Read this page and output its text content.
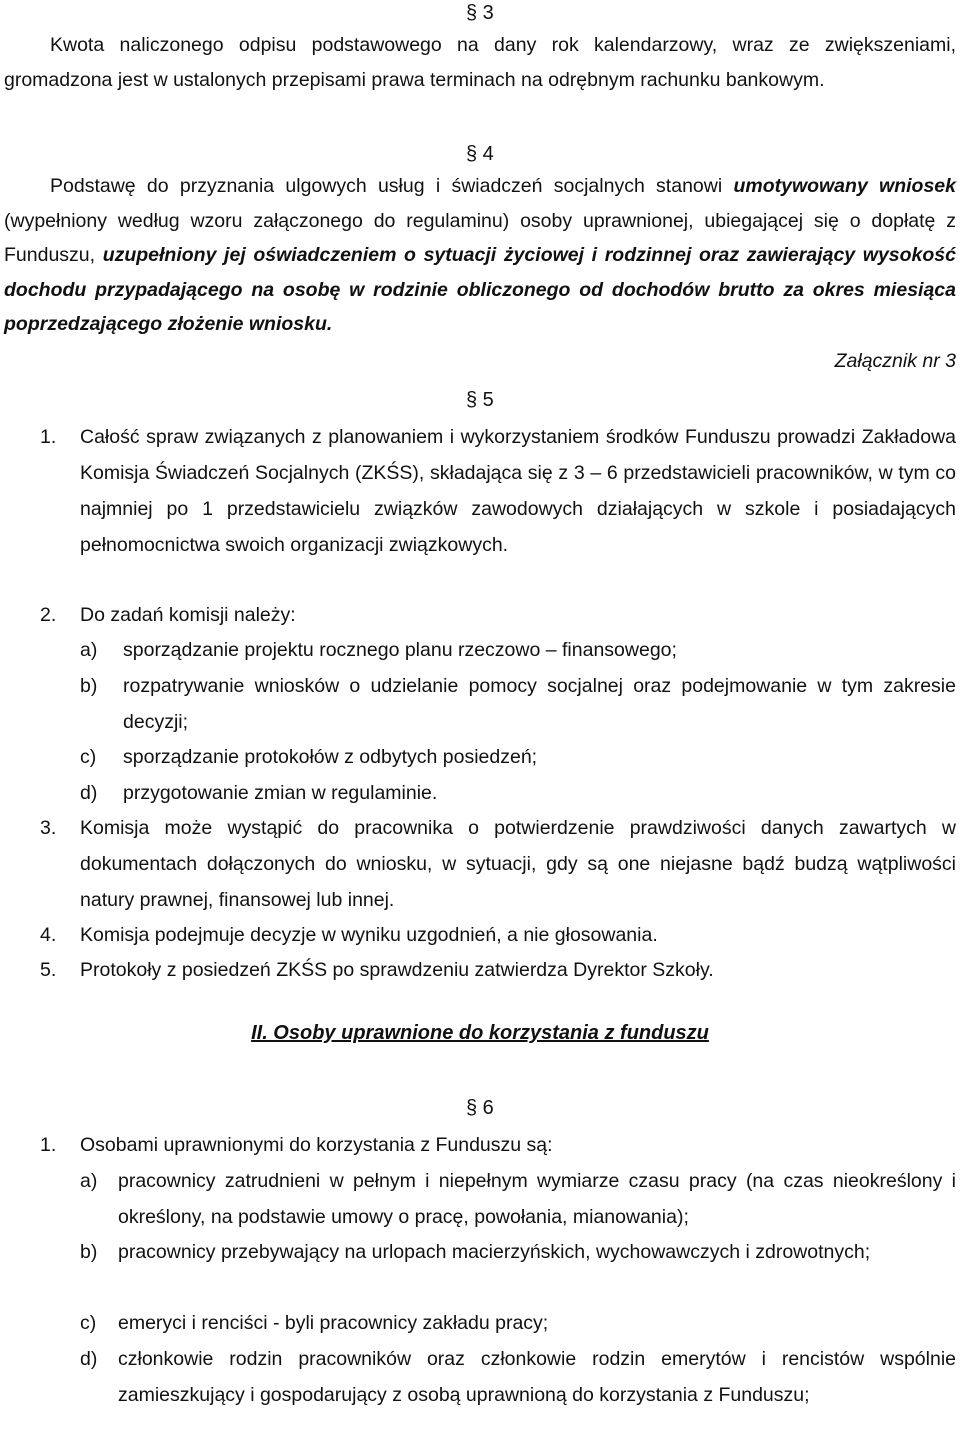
§ 3
Kwota naliczonego odpisu podstawowego na dany rok kalendarzowy, wraz ze zwiększeniami, gromadzona jest w ustalonych przepisami prawa terminach na odrębnym rachunku bankowym.
§ 4
Podstawę do przyznania ulgowych usług i świadczeń socjalnych stanowi umotywowany wniosek (wypełniony według wzoru załączonego do regulaminu) osoby uprawnionej, ubiegającej się o dopłatę z Funduszu, uzupełniony jej oświadczeniem o sytuacji życiowej i rodzinnej oraz zawierający wysokość dochodu przypadającego na osobę w rodzinie obliczonego od dochodów brutto za okres miesiąca poprzedzającego złożenie wniosku.
Załącznik nr 3
§ 5
1. Całość spraw związanych z planowaniem i wykorzystaniem środków Funduszu prowadzi Zakładowa Komisja Świadczeń Socjalnych (ZKŚS), składająca się z 3 – 6 przedstawicieli pracowników, w tym co najmniej po 1 przedstawicielu związków zawodowych działających w szkole i posiadających pełnomocnictwa swoich organizacji związkowych.
2. Do zadań komisji należy:
a) sporządzanie projektu rocznego planu rzeczowo – finansowego;
b) rozpatrywanie wniosków o udzielanie pomocy socjalnej oraz podejmowanie w tym zakresie decyzji;
c) sporządzanie protokołów z odbytych posiedzeń;
d) przygotowanie zmian w regulaminie.
3. Komisja może wystąpić do pracownika o potwierdzenie prawdziwości danych zawartych w dokumentach dołączonych do wniosku, w sytuacji, gdy są one niejasne bądź budzą wątpliwości natury prawnej, finansowej lub innej.
4. Komisja podejmuje decyzje w wyniku uzgodnień, a nie głosowania.
5. Protokoły z posiedzeń ZKŚS po sprawdzeniu zatwierdza Dyrektor Szkoły.
II. Osoby uprawnione do korzystania z funduszu
§ 6
1. Osobami uprawnionymi do korzystania z Funduszu są:
a) pracownicy zatrudnieni w pełnym i niepełnym wymiarze czasu pracy (na czas nieokreślony i określony, na podstawie umowy o pracę, powołania, mianowania);
b) pracownicy przebywający na urlopach macierzyńskich, wychowawczych i zdrowotnych;
c) emeryci i renciści - byli pracownicy zakładu pracy;
d) członkowie rodzin pracowników oraz członkowie rodzin emerytów i rencistów wspólnie zamieszkujący i gospodarujący z osobą uprawnioną do korzystania z Funduszu;
